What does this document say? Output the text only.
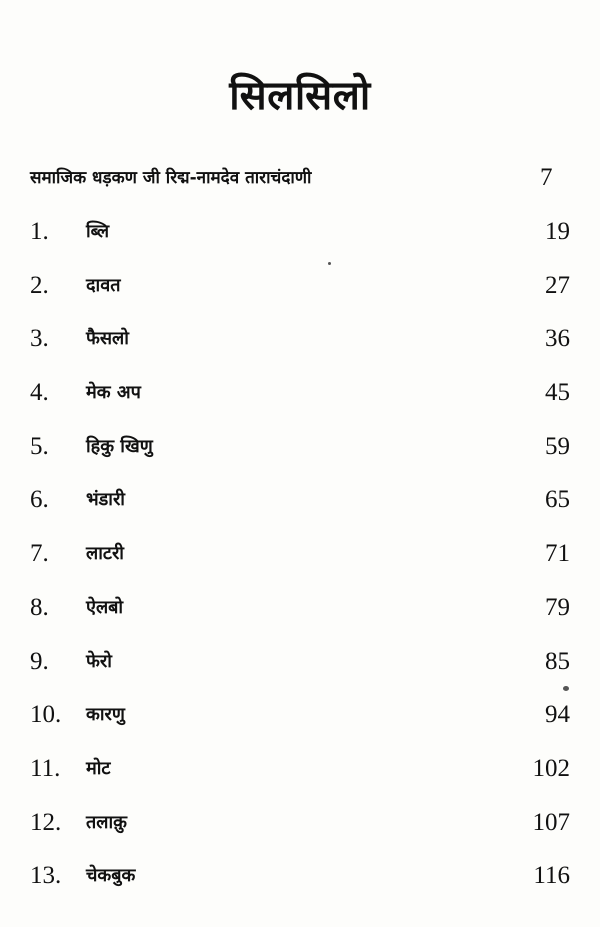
सिलसिलो
समाजिक धड़कण जी रिद्म-नामदेव ताराचंदाणी	7
1. ब्लि	19
2. दावत	27
3. फैसलो	36
4. मेक अप	45
5. हिकु खिणु	59
6. भंडारी	65
7. लाटरी	71
8. ऐलबो	79
9. फेरो	85
10. कारणु	94
11. मोट	102
12. तलाक़ु	107
13. चेकबुक	116
